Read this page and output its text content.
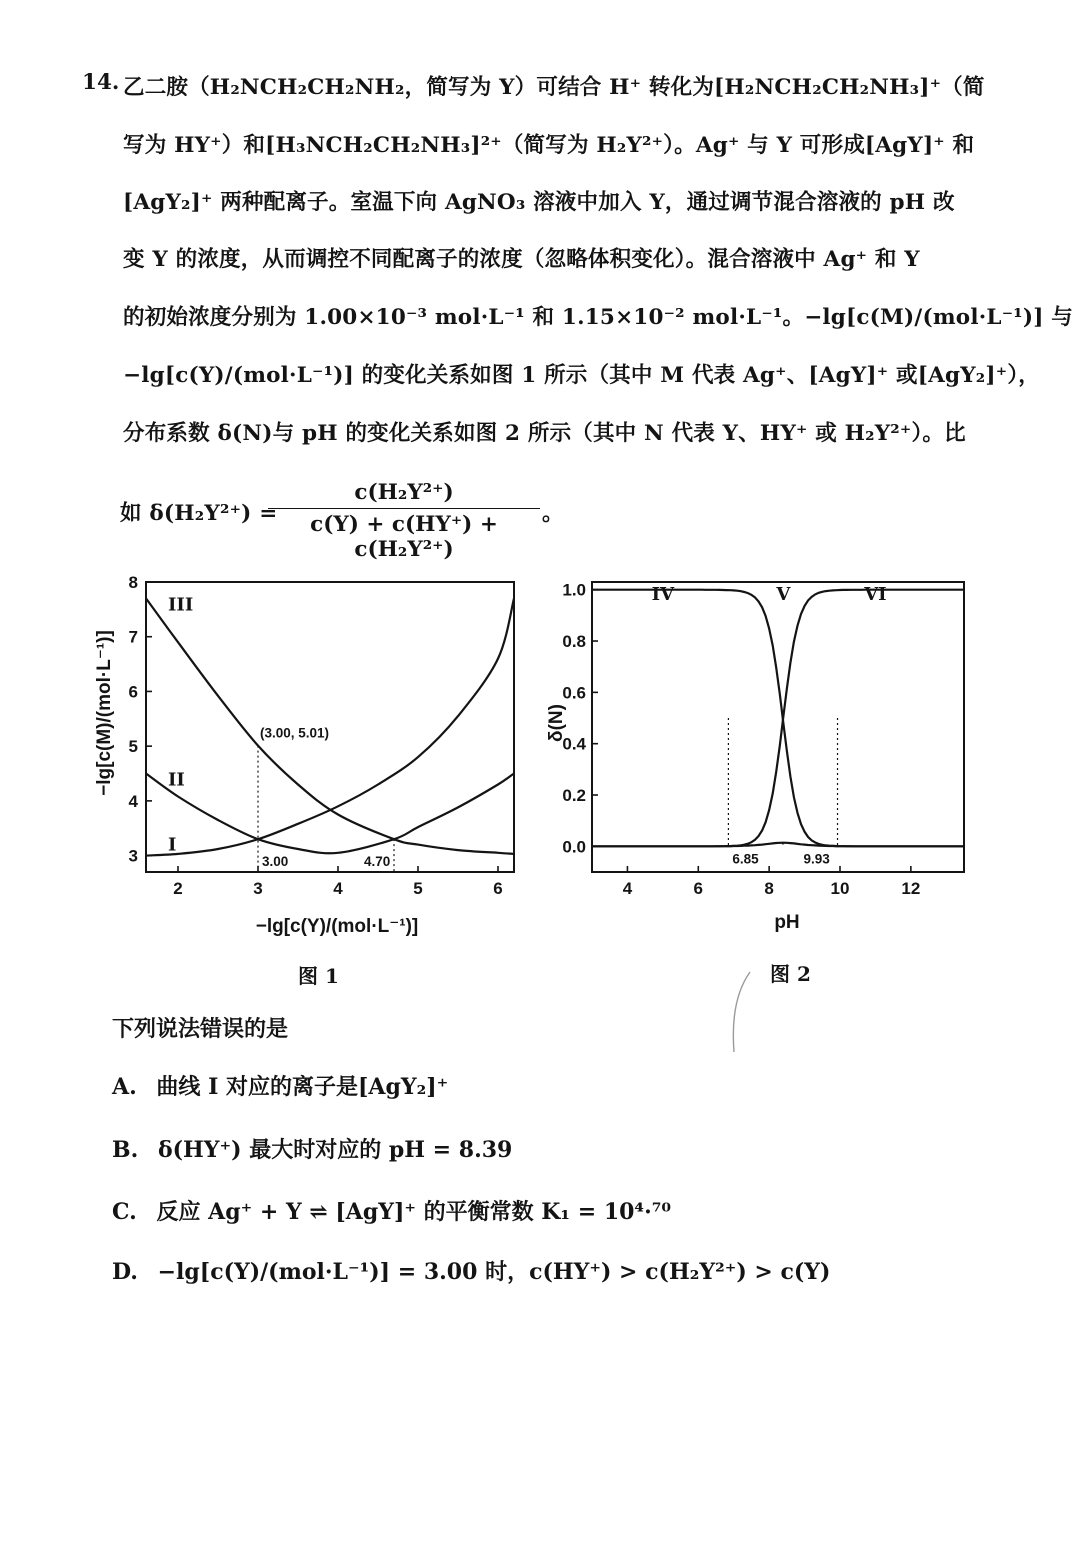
14. 乙二胺（H₂NCH₂CH₂NH₂，简写为 Y）可结合 H⁺ 转化为[H₂NCH₂CH₂NH₃]⁺（简
写为 HY⁺）和[H₃NCH₂CH₂NH₃]²⁺（简写为 H₂Y²⁺）。Ag⁺ 与 Y 可形成[AgY]⁺ 和
[AgY₂]⁺ 两种配离子。室温下向 AgNO₃ 溶液中加入 Y，通过调节混合溶液的 pH 改
变 Y 的浓度，从而调控不同配离子的浓度（忽略体积变化）。混合溶液中 Ag⁺ 和 Y
的初始浓度分别为 1.00×10⁻³ mol·L⁻¹ 和 1.15×10⁻² mol·L⁻¹。−lg[c(M)/(mol·L⁻¹)] 与
−lg[c(Y)/(mol·L⁻¹)] 的变化关系如图 1 所示（其中 M 代表 Ag⁺、[AgY]⁺ 或[AgY₂]⁺），
分布系数 δ(N)与 pH 的变化关系如图 2 所示（其中 N 代表 Y、HY⁺ 或 H₂Y²⁺）。比
如 δ(H₂Y²⁺) =
c(H₂Y²⁺)
c(Y) + c(HY⁺) + c(H₂Y²⁺)
。
2	3	4	5	6
3
4
5
6
7
8
I
II
III
(3.00, 5.01)
3.00	4.70
−lg[c(Y)/(mol·L⁻¹)]
−lg[c(M)/(mol·L⁻¹)]
图 1
4	6	8	10	12
0.0
0.2
0.4
0.6
0.8
1.0	IV	V	VI
6.85	9.93
pH
δ(N)
图 2
下列说法错误的是
A. 曲线 I 对应的离子是[AgY₂]⁺
B. δ(HY⁺) 最大时对应的 pH = 8.39
C. 反应 Ag⁺ + Y ⇌ [AgY]⁺ 的平衡常数 K₁ = 10⁴·⁷⁰
D. −lg[c(Y)/(mol·L⁻¹)] = 3.00 时，c(HY⁺) > c(H₂Y²⁺) > c(Y)
